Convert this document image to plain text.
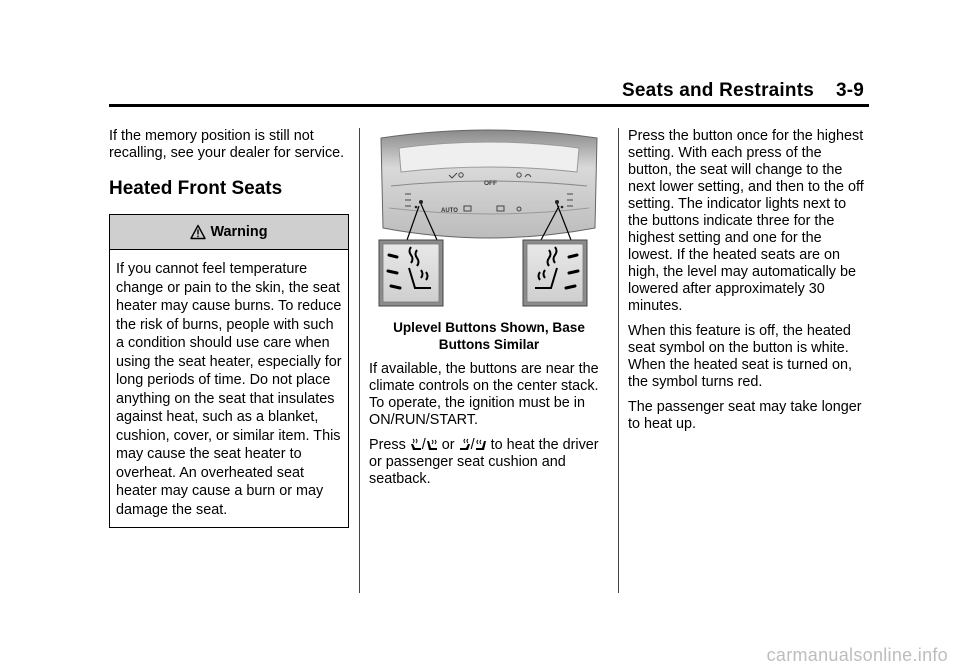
Seats and Restraints 3-9

If the memory position is still not recalling, see your dealer for service.

Heated Front Seats
Warning
If you cannot feel temperature change or pain to the skin, the seat heater may cause burns. To reduce the risk of burns, people with such a condition should use care when using the seat heater, especially for long periods of time. Do not place anything on the seat that insulates against heat, such as a blanket, cushion, cover, or similar item. This may cause the seat heater to overheat. An overheated seat heater may cause a burn or may damage the seat.
OFF
AUTO
Uplevel Buttons Shown, Base Buttons Similar

If available, the buttons are near the climate controls on the center stack. To operate, the ignition must be in ON/RUN/START.

Press / or / to heat the driver or passenger seat cushion and seatback.

Press the button once for the highest setting. With each press of the button, the seat will change to the next lower setting, and then to the off setting. The indicator lights next to the buttons indicate three for the highest setting and one for the lowest. If the heated seats are on high, the level may automatically be lowered after approximately 30 minutes.

When this feature is off, the heated seat symbol on the button is white. When the heated seat is turned on, the symbol turns red.

The passenger seat may take longer to heat up.

carmanualsonline.info
